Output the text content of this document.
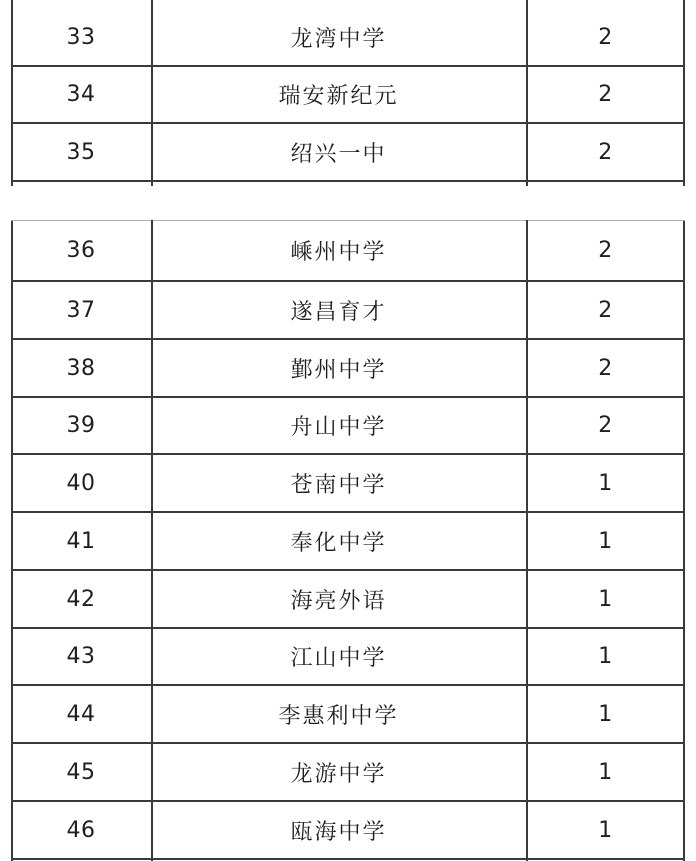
33	龙湾中学	2
34	瑞安新纪元	2
35	绍兴一中	2
36	嵊州中学	2
37	遂昌育才	2
38	鄞州中学	2
39	舟山中学	2
40	苍南中学	1
41	奉化中学	1
42	海亮外语	1
43	江山中学	1
44	李惠利中学	1
45	龙游中学	1
46	瓯海中学	1
